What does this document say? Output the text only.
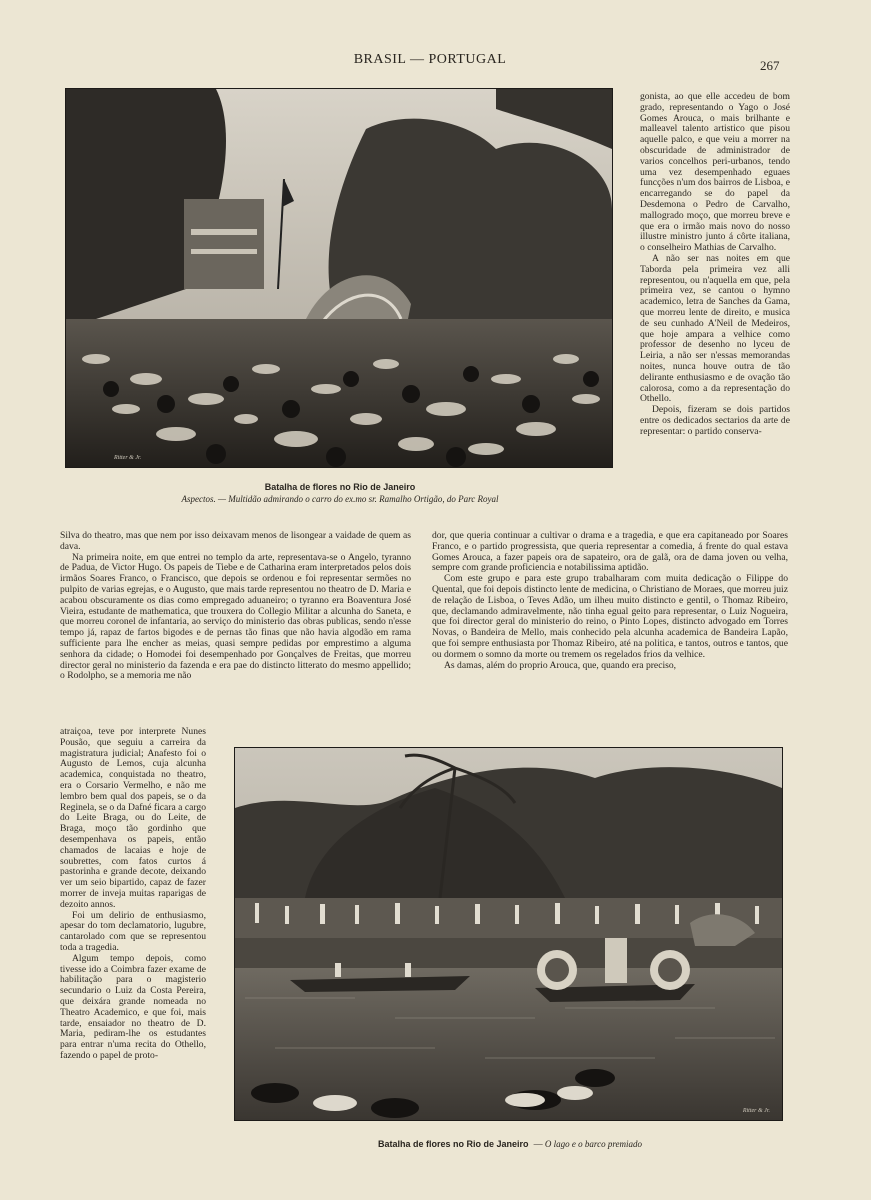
BRASIL — PORTUGAL	267
Ritter & Jr.
Batalha de flores no Rio de Janeiro
Aspectos. — Multidão admirando o carro do ex.mo sr. Ramalho Ortigão, do Parc Royal

gonista, ao que elle accedeu de bom grado, representando o Yago o José Gomes Arouca, o mais brilhante e malleavel talento artistico que pisou aquelle palco, e que veiu a morrer na obscuridade de administrador de varios concelhos peri-urbanos, tendo uma vez desempenhado eguaes funcções n'um dos bairros de Lisboa, e encarregando se do papel da Desdemona o Pedro de Carvalho, mallogrado moço, que morreu breve e que era o irmão mais novo do nosso illustre ministro junto á côrte italiana, o conselheiro Mathias de Carvalho.

A não ser nas noites em que Taborda pela primeira vez alli representou, ou n'aquella em que, pela primeira vez, se cantou o hymno academico, letra de Sanches da Gama, que morreu lente de direito, e musica de seu cunhado A'Neil de Medeiros, que hoje ampara a velhice como professor de desenho no lyceu de Leiria, a não ser n'essas memorandas noites, nunca houve outra de tão delirante enthusiasmo e de ovação tão calorosa, como a da representação do Othello.

Depois, fizeram se dois partidos entre os dedicados sectarios da arte de representar: o partido conserva-

Silva do theatro, mas que nem por isso deixavam menos de lisongear a vaidade de quem as dava.

Na primeira noite, em que entrei no templo da arte, representava-se o Angelo, tyranno de Padua, de Victor Hugo. Os papeis de Tiebe e de Catharina eram interpretados pelos dois irmãos Soares Franco, o Francisco, que depois se ordenou e foi representar sermões no pulpito de varias egrejas, e o Augusto, que mais tarde representou no theatro de D. Maria e acabou obscuramente os dias como empregado aduaneiro; o tyranno era Boaventura José Vieira, estudante de mathematica, que trouxera do Collegio Militar a alcunha do Saneta, e que morreu coronel de infantaria, ao serviço do ministerio das obras publicas, sendo n'esse tempo já, rapaz de fartos bigodes e de pernas tão finas que não havia algodão em rama sufficiente para lhe encher as meias, quasi sempre pedidas por emprestimo a alguma senhora da cidade; o Homodei foi desempenhado por Gonçalves de Freitas, que morreu director geral no ministerio da fazenda e era pae do distincto litterato do mesmo appellido; o Rodolpho, se a memoria me não

dor, que queria continuar a cultivar o drama e a tragedia, e que era capitaneado por Soares Franco, e o partido progressista, que queria representar a comedia, á frente do qual estava Gomes Arouca, a fazer papeis ora de sapateiro, ora de galã, ora de dama joven ou velha, sempre com grande proficiencia e notabilissima aptidão.

Com este grupo e para este grupo trabalharam com muita dedicação o Filippe do Quental, que foi depois distincto lente de medicina, o Christiano de Moraes, que morreu juiz de relação de Lisboa, o Teves Adão, um ilheu muito distincto e gentil, o Thomaz Ribeiro, que, declamando admiravelmente, não tinha egual geito para representar, o Luiz Nogueira, que foi director geral do ministerio do reino, o Pinto Lopes, distincto advogado em Torres Novas, o Bandeira de Mello, mais conhecido pela alcunha academica de Bandeira Lapão, que foi sempre enthusiasta por Thomaz Ribeiro, até na politica, e tantos, outros e tantos, que ou dormem o somno da morte ou tremem os regelados frios da velhice.

As damas, além do proprio Arouca, que, quando era preciso,

atraiçoa, teve por interprete Nunes Pousão, que seguiu a carreira da magistratura judicial; Anafesto foi o Augusto de Lemos, cuja alcunha academica, conquistada no theatro, era o Corsario Vermelho, e não me lembro bem qual dos papeis, se o da Reginela, se o da Dafné ficara a cargo do Leite Braga, ou do Leite, de Braga, moço tão gordinho que desempenhava os papeis, então chamados de lacaias e hoje de soubrettes, com fatos curtos á pastorinha e grande decote, deixando ver um seio bipartido, capaz de fazer morrer de inveja muitas raparigas de dezoito annos.

Foi um delirio de enthusiasmo, apesar do tom declamatorio, lugubre, cantarolado com que se representou toda a tragedia.

Algum tempo depois, como tivesse ido a Coimbra fazer exame de habilitação para o magisterio secundario o Luiz da Costa Pereira, que deixára grande nomeada no Theatro Academico, e que foi, mais tarde, ensaiador no theatro de D. Maria, pediram-lhe os estudantes para entrar n'uma recita do Othello, fazendo o papel de proto-

Ritter & Jr.
Batalha de flores no Rio de Janeiro — O lago e o barco premiado
